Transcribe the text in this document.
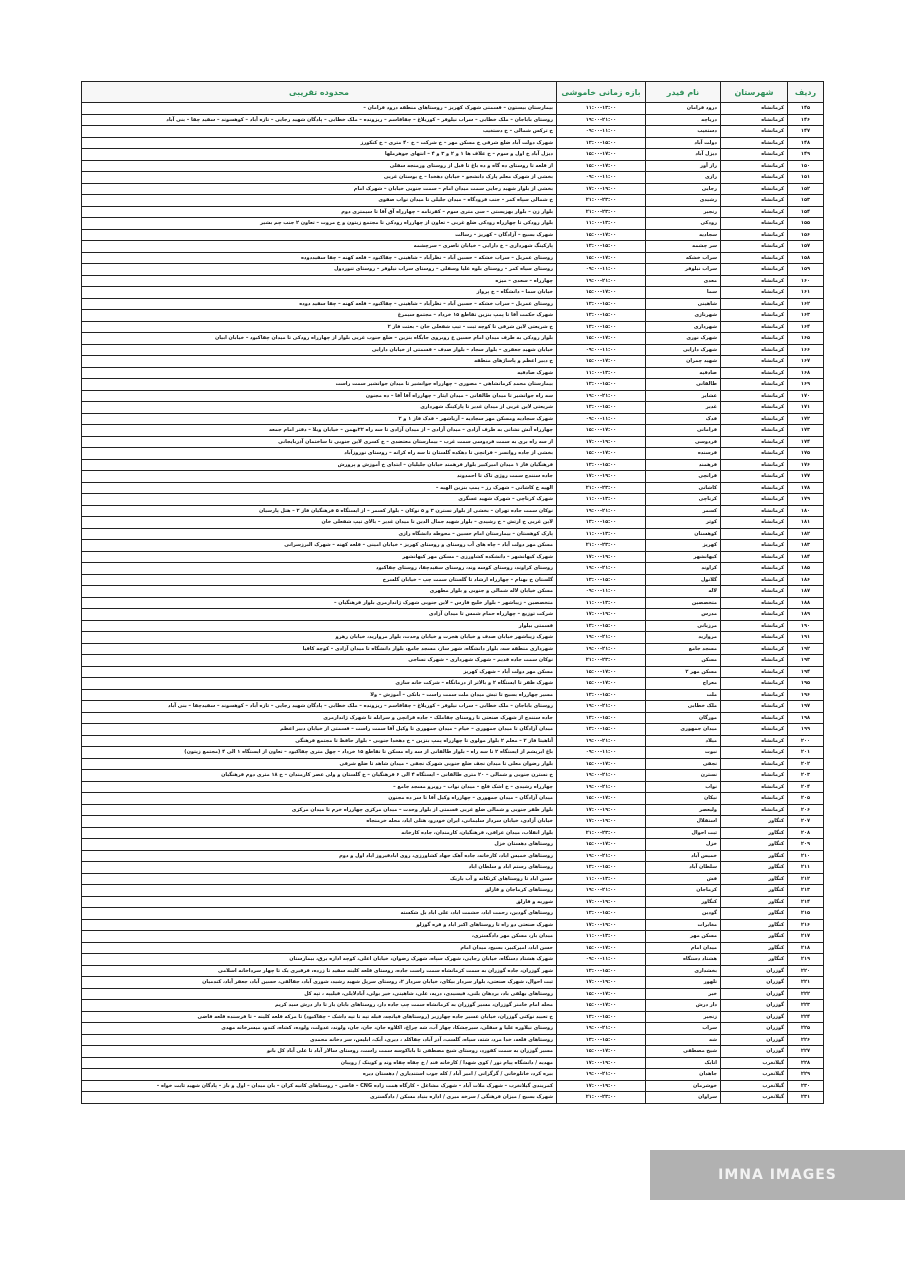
ردیف	شهرستان	نام فیدر	بازه زمانی خاموشی	محدوده تقریبی
۱۴۵	کرمانشاه	درود فرامان	۱۱:۰۰-۱۳:۰۰	بیمارستان بیستون – قسمتی شهرک کهریز – روستاهای منطقه درود فرامان –
۱۴۶	کرمانشاه	دریاچه	۱۹:۰۰-۲۱:۰۰	روستای باباجان – ملک خطابی – سراب نیلوفر – کوریلاغ – چقاقاسم – ریزونده – ملک خطابی – پادگان شهید رجایی – تازه آباد – کوهسوند – سفید چقا – بنی آباد
۱۴۷	کرمانشاه	دستغیب	۰۹:۰۰-۱۱:۰۰	خ ترکس شمالی – خ دستغیب
۱۴۸	کرمانشاه	دولت آباد	۱۳:۰۰-۱۵:۰۰	شهرک دولت آباد ضلع شرقی خ مسکن مهر – خ شرکت – خ ۴۰ متری – خ کنکورز
۱۴۹	کرمانشاه	دیزل آباد	۱۵:۰۰-۱۷:۰۰	دیزل آباد خ اول و سوم – خ علاف ها ۱ و ۲ و ۳ و ۴ – انتهای جوهرملها
۱۵۰	کرمانشاه	راز آور	۱۵:۰۰-۱۷:۰۰	از قلعه تا روستای ده گاه و ده باغ تا قبل از روستای ورمنجه سفلی
۱۵۱	کرمانشاه	رازی	۰۹:۰۰-۱۱:۰۰	بخشی از شهرک معلم پارک دانشجو – خیابان دهخدا – خ بوستان غربی
۱۵۲	کرمانشاه	رجایی	۱۷:۰۰-۱۹:۰۰	بخشی از بلوار شهید رجایی سمت میدان امام – سمت جنوبی خیابان – شهرک امام
۱۵۳	کرمانشاه	رشیدی	۲۱:۰۰-۲۳:۰۰	خ شمالی سپاه کمر – جنب فرودگاه – میدان جلیلی تا میدان نواب صفوی
۱۵۴	کرمانشاه	رنجبر	۲۱:۰۰-۲۳:۰۰	بلوار زن – بلوار بهزیستی – سی متری سوم – کفرنامه – چهارراه آق آقا تا سیمتری دوم
۱۵۵	کرمانشاه	رودکی	۱۱:۰۰-۱۳:۰۰	بلوار رودکی تا چهارراه رودکی ضلع غربی – تعاون از چهارراه رودکی تا مجتمع زیتون و خ مروت – تعاون ۲ جنب چم بشیر
۱۵۶	کرمانشاه	سجادیه	۱۵:۰۰-۱۷:۰۰	شهرک بسیج – آزادگان – کهریز – رسالت
۱۵۷	کرمانشاه	سر چشمه	۱۳:۰۰-۱۵:۰۰	پارکینگ شهرداری – خ دارایی – خیابان ناصری – سرچشمه
۱۵۸	کرمانشاه	سراب خشکه	۱۵:۰۰-۱۷:۰۰	روستای عمربل – سراب خشکه – حسین آباد – نظرآباد – شاهینی – چقاکبود – قلعه کهنه – چقا سفیددوده
۱۵۹	کرمانشاه	سراب نیلوفر	۰۹:۰۰-۱۱:۰۰	روستای سیاه کمر – روستای بلوه علیا وسفلی – روستای سراب نیلوفر – روستای تنوردول
۱۶۰	کرمانشاه	معدی	۱۹:۰۰-۲۱:۰۰	چهارراه – سعدی – میزه
۱۶۱	کرمانشاه	سما	۱۵:۰۰-۱۷:۰۰	خیابان سما – دانشگاه – خ پرواز
۱۶۲	کرمانشاه	شاهینی	۱۳:۰۰-۱۵:۰۰	روستای عمربل – سراب خشکه – حسین آباد – نظرآباد – شاهینی – چقاکبود – قلعه کهنه – چقا سفید دوده
۱۶۳	کرمانشاه	شهرنازی	۱۳:۰۰-۱۵:۰۰	شهرک حکمت آقا تا پمپ بنزین تقاطع ۱۵ خرداد – مجتمع سیمرغ
۱۶۴	کرمانشاه	شهرداری	۱۳:۰۰-۱۵:۰۰	خ شریعتی لاین شرقی تا کوچه ثبت – تیپ شفعلی خان – بعثت فاز ۲
۱۶۵	کرمانشاه	شهرک نوری	۱۵:۰۰-۱۷:۰۰	بلوار رودکی به طرف میدان امام حسین ع روبروی جایگاه بنزین – ضلع جنوب غربی بلوار از چهارراه رودکی تا میدان چقاکبود – خیابان ابیان
۱۶۶	کرمانشاه	شهرک دارایی	۰۹:۰۰-۱۱:۰۰	خیابان شهید جعفری – بلوار سجاد – بلوار صدف – قسمتی از خیابان دارایی
۱۶۷	کرمانشاه	شهید چمران	۱۵:۰۰-۱۷:۰۰	خ دبیر اعظم و پاساژهای منطقه
۱۶۸	کرمانشاه	صادقیه	۱۱:۰۰-۱۳:۰۰	شهرک صادقیه
۱۶۹	کرمانشاه	طالقانی	۱۳:۰۰-۱۵:۰۰	بیمارستان محمد کرمانشاهی – مصوری – چهارراه جوانشیر تا میدان جوانشیر سمت راست
۱۷۰	کرمانشاه	عشایر	۱۹:۰۰-۲۱:۰۰	سه راه جوانشیر تا میدان طالقانی – میدان ایثار – چهارراه آقا آقا – ده مجنون
۱۷۱	کرمانشاه	غدیر	۱۳:۰۰-۱۵:۰۰	شریعتی لاین غربی از میدان غدیر تا پارکینگ شهرداری
۱۷۲	کرمانشاه	فدک	۰۹:۰۰-۱۱:۰۰	شهرک سجادیه ومسکن مهر سجادیه – آریاشهر – فدک فاز ۱ و ۲
۱۷۳	کرمانشاه	فرامانی	۱۵:۰۰-۱۷:۰۰	چهارراه آتش نشانی به طرف آزادی – میدان آزادی – از میدان آزادی تا سه راه ۲۲بهمن – خیابان ویلا – دفتر امام جمعه
۱۷۴	کرمانشاه	فردوسی	۱۷:۰۰-۱۹:۰۰	از سه راه بری به سمت فردوسی سمت غرب – بیمارستان معتضدی – خ کسری لاین جنوبی تا ساختمان آذربایجانی
۱۷۵	کرمانشاه	فرسنده	۱۵:۰۰-۱۷:۰۰	بخشی از جاده روانسر – فرانچی تا دهکده گلستان تا سه راه کرانه – روستای نوروزآباد
۱۷۶	کرمانشاه	فرهمند	۱۳:۰۰-۱۵:۰۰	فرهنگیان فاز ۱ میدان امیرکبیر بلوار فرهمند خیابان جلیلیان – ابتدای خ آموزش و پرورش
۱۷۷	کرمانشاه	قرانچی	۱۷:۰۰-۱۹:۰۰	جاده سنندج سمت روژی تاک تا احمدوند
۱۷۸	کرمانشاه	کاشانی	۲۱:۰۰-۲۳:۰۰	الهیه خ کاشانی – شهرک رز – پمپ بنزین الهیه –
۱۷۹	کرمانشاه	کرناچی	۱۱:۰۰-۱۳:۰۰	شهرک کرناچی – شهرک شهید عسگری
۱۸۰	کرمانشاه	کسمر	۱۹:۰۰-۲۱:۰۰	نوکان سمت جاده تهران – بخشی از بلوار نسترن ۳ و ۵ نوکان – بلوار کسمر – از ایستگاه ۵ فرهنگیان فاز ۲ – هتل پارسیان
۱۸۱	کرمانشاه	کوثر	۱۳:۰۰-۱۵:۰۰	لاین غربی خ ارتش – خ رشیدی – بلوار شهید جمال الدین تا میدان غدیر – بالای تیپ شفعلی خان
۱۸۲	کرمانشاه	کوهسنان	۱۱:۰۰-۱۳:۰۰	پارک کوهستان – بیمارستان امام حسین – محوطه دانشگاه رازی
۱۸۳	کرمانشاه	کهریز	۲۱:۰۰-۲۳:۰۰	مسکن مهر دولت آباد – چاه های آب روستای و روستای کهریز – خیابان امینی – قلعه کهنه – شهرک البرزسرانی
۱۸۴	کرمانشاه	کیهانشهر	۱۷:۰۰-۱۹:۰۰	شهرک کیهانشهر – دانشکده کشاورزی – مسکن مهر کیهانشهر
۱۸۵	کرمانشاه	کراوند	۱۹:۰۰-۲۱:۰۰	روستای کراوند، روستای کوسه وند، روستای سفیدچقا، روستای چقاکبود
۱۸۶	کرمانشاه	گلانول	۱۳:۰۰-۱۵:۰۰	گلستان خ بهنام – چهارراه ارشاد تا گلستان سمت چپ – خیابان گلسرخ
۱۸۷	کرمانشاه	لاله	۰۹:۰۰-۱۱:۰۰	مسکن خیابان لاله شمالی و جنوبی و بلوار مطهری
۱۸۸	کرمانشاه	متخصصین	۱۱:۰۰-۱۳:۰۰	متخصصین – زیباشهر – بلوار خلیج فارس – لاین جنوبی شهرک ژاندارمری بلوار فرهنگیان –
۱۸۹	کرمانشاه	مدرس	۱۷:۰۰-۱۹:۰۰	شرکت توزیع – چهارراه حمام شمس تا میدان آزادی
۱۹۰	کرمانشاه	مرزبانی	۱۳:۰۰-۱۵:۰۰	قسمتی بیلوار
۱۹۱	کرمانشاه	مروارید	۱۹:۰۰-۲۱:۰۰	شهرک زیباشهر خیابان صدف و خیابان هجرت و خیابان وحدت، بلوار مروارید، خیابان رهرو
۱۹۲	کرمانشاه	مسجد جامع	۱۹:۰۰-۲۱:۰۰	شهرداری منطقه سه، بلوار دانشگاه، شهر ساز، مسجد جامع، بلوار دانشگاه تا میدان آزادی – کوچه کافیا
۱۹۳	کرمانشاه	مسکن	۲۱:۰۰-۲۳:۰۰	نوکان سمت جاده قدیم – شهرک شهرداری – شهرک نساجی
۱۹۴	کرمانشاه	مسکن مهر ۲	۱۵:۰۰-۱۷:۰۰	مسکن مهر دولت آباد – شهرک کهریز
۱۹۵	کرمانشاه	معراج	۱۵:۰۰-۱۷:۰۰	شهرک ظفر تا ایستگاه ۲ و بالاتر از درمانگاه – شرکت خانه سازی
۱۹۶	کرمانشاه	ملت	۱۳:۰۰-۱۵:۰۰	مسیر چهارراه بسیج تا تبش میدان ملت سمت راست – بانکی – آموزش – ولا
۱۹۷	کرمانشاه	ملک خطابی	۱۹:۰۰-۲۱:۰۰	روستای باباجان – ملک خطابی – سراب نیلوفر – کوریلاغ – چقاقاسم – ریزونده – ملک خطابی – پادگان شهید رجایی – تازه آباد – کوهسوند – سفیدچقا – بنی آباد
۱۹۸	کرمانشاه	مورگان	۱۳:۰۰-۱۵:۰۰	جاده سنندج از شهرک صنعتی تا روستای چقاملک – جاده قرانچی و سرابله تا شهرک ژاندارمری
۱۹۹	کرمانشاه	میدان جمهوری	۱۳:۰۰-۱۵:۰۰	میدان آزادگان تا میدان جمهوری – خیام – میدان جمهوری تا وکیل آقا سمت راست – قسمتی از خیابان دبیر اعظم
۲۰۰	کرمانشاه	میلاد	۱۹:۰۰-۲۱:۰۰	آناهیتا فاز ۲ – معلم ۲ بلوار مولوی تا چهارراه پمپ بنزین – خ دهخدا جنوبی – بلوار حافظ تا مجتمع فرهنگی
۲۰۱	کرمانشاه	نبوت	۰۹:۰۰-۱۱:۰۰	باغ ابریشم از ایستگاه ۲ تا سه راه – بلوار طالقانی از سه راه مسکن تا تقاطع ۱۵ خرداد – چهل متری چقاکبود – تعاون از ایستگاه ۱ الی ۴ (مجتمع زیتون)
۲۰۲	کرمانشاه	نجفی	۱۵:۰۰-۱۷:۰۰	بلوار رضوان معلی تا میدان نجف ضلع جنوبی شهرک نجفی – میدان شاهد تا ضلع شرقی
۲۰۳	کرمانشاه	نسترن	۱۹:۰۰-۲۱:۰۰	خ نسترن جنوبی و شمالی – ۲۰ متری طالقانی – ایستگاه ۴ الی ۶ فرهنگیان – خ گلستان و ولی عصر کارمندان – خ ۱۸ متری دوم فرهنگیان
۲۰۴	کرمانشاه	نواب	۱۹:۰۰-۲۱:۰۰	چهارراه رشیدی – خ اشک فلج – میدان نواب – روبرو مسجد جامع –
۲۰۵	کرمانشاه	نیکان	۱۵:۰۰-۱۷:۰۰	میدان آزادگان – میدان جمهوری – چهارراه وکیل آقا تا سر ده مجنون
۲۰۶	کرمانشاه	ولیعصر	۱۷:۰۰-۱۹:۰۰	بلوار ظفر جنوبی و شمالی ضلع غربی قسمتی از بلوار وحدت – میدان مرکزی چهارراه خرم تا میدان مرکزی
۲۰۷	کنگاور	استقلال	۱۷:۰۰-۱۹:۰۰	خیابان آزادی، خیابان سردار سلیمانی، ایران خودرو، هتلی ایاد، محله خرمنجاه
۲۰۸	کنگاور	ثبت احوال	۲۱:۰۰-۲۳:۰۰	بلوار انقلاب، میدان عراقی، فرهنگیان، کارمندان، جاده کارخانه
۲۰۹	کنگاور	خزل	۱۵:۰۰-۱۷:۰۰	روستاهای دهستان خزل
۲۱۰	کنگاور	خمیس آباد	۱۹:۰۰-۲۱:۰۰	روستاهای خمیس اباد، کارخانه، جاده آهک جهاد کشاورزی، روی ابادفیروز اباد اول و دوم
۲۱۱	کنگاور	سلطان آباد	۱۳:۰۰-۱۵:۰۰	روستاهای رستم اباد و سلطان اباد
۲۱۲	کنگاور	فش	۱۱:۰۰-۱۳:۰۰	حسن اباد تا روستاهای کرتکانه و آب باریک
۲۱۳	کنگاور	کرماجان	۱۹:۰۰-۲۱:۰۰	روستاهای کرماجان و قارلق
۲۱۴	کنگاور	کنگاور	۱۷:۰۰-۱۹:۰۰	شوریه و قارلق
۲۱۵	کنگاور	گودین	۱۳:۰۰-۱۵:۰۰	روستاهای گودین، رحمت اباد، حشمت اباد، علی اباد بل شکسته
۲۱۶	کنگاور	مغابرات	۱۷:۰۰-۱۹:۰۰	شهرک صنعتی دو راه تا روستاهای اکبر اباد و قره گوزلو
۲۱۷	کنگاور	مسکن مهر	۱۱:۰۰-۱۳:۰۰	میدان بار، مسکن مهر دادگستری،
۲۱۸	کنگاور	میدان امام	۱۵:۰۰-۱۷:۰۰	حسن اباد، امیرکبیر، بسیج، میدان امام
۲۱۹	کنگاور	هشتاد دستگاه	۰۹:۰۰-۱۱:۰۰	شهرک هشتاد دستگاه، خیابان رجایی، شهرک سپاه، شهرک رضوان، خیابان اعلی، کوچه اداره برق، بیمارستان
۲۲۰	گوزران	بخشداری	۱۳:۰۰-۱۵:۰۰	شهر گوزران، جاده گوزران به سمت کرمانشاه سمت راست جاده، روستای قلعه کلینه سفید تا زرده، فرقیری یک تا چهار سرداخانه اسلامی
۲۲۱	گوزران	تلهور	۱۷:۰۰-۱۹:۰۰	ثبت احوال، شهرک صنعتی، بلوار سردار بیکای، خیابان سردار ۲، روستای سرپل شهید رشید، شوری آباد، جقالقی، حسین آباد، جعفر آباد، کندمیان
۲۲۲	گوزران	خبر	۱۵:۰۰-۱۷:۰۰	روستاهای بهلفی باد، بردهان بلنی، فیسیدی، دریه، علی، شاهینی، خیر بولی، آبادلایلی، فیلیپه ، تپه کل
۲۲۳	گوزران	دار درش	۱۵:۰۰-۱۷:۰۰	محله امام خامنر گوزران، مسیر گوزران به کرمانشاه سمت چپ جاده دار، روستاهای بابان یار تا دار درش سید کریم
۲۲۴	گوزران	زنجیر	۱۳:۰۰-۱۵:۰۰	خ تعبید نوکنی گوزران، خیابان عسیر جاده چهارزیر (روستاهای قپانچه، قبله تپه تا تپه داشک – چقاکبود) تا مرکه قلعه کلینه – تا فرسنده قلعه قاضی
۲۲۵	گوزران	سراب	۱۹:۰۰-۲۱:۰۰	روستای نیلاوره علیا و سفلی، سیرچشکا، چهار آب، شه چراغ، اکلاوه جان، جان، جان، ولوند، عدولت، ولوده، کشاه، کندو، میسرخانه مهدی
۲۲۶	گوزران	شه	۱۳:۰۰-۱۵:۰۰	روستاهای قلعه، خدا مرد، شته، سپاه، گلسب، آذر آباد، چقاکلد ، دیری، آبک، ابلیس، سر دخانه محمدی
۲۲۷	گوزران	شیخ مصطفی	۱۵:۰۰-۱۷:۰۰	مسیر گوزران به سمت کفورد، روستای شیخ مصطفی تا باباکوسه سمت راست، روستای سالار آباد تا علی آباد کل بانو
۲۲۸	گیلانغرب	اتابک	۱۷:۰۰-۱۹:۰۰	مهدیه / دانشگاه پیام نور / کوی شهدا / کارخانه قند / خ چقاه چقاه وند و کوینک / روییان
۲۲۹	گیلانغرب	جاهدان	۱۹:۰۰-۲۱:۰۰	بیره کرد، خانلوخانی / گرگرانی / امیر آباد / کله جوب استندیاری / دهستان دیره
۲۳۰	گیلانغرب	خوشرمان	۱۷:۰۰-۱۹:۰۰	کمربندی گیلانغرب – شهرک ملات آباد – شهرک مشاغل – کارگاه همت زاده CNG – قاضی – روستاهای کانیه کران – بان میدان – اول و باز – پادگان شهید ثابت خواه –
۲۳۱	گیلانغرب	سراوان	۲۱:۰۰-۲۳:۰۰	شهرک بسیج / میزان فرهنگی / سرخه میری / اداره بنیاد مسکن / دادگستری
IMNA IMAGES
